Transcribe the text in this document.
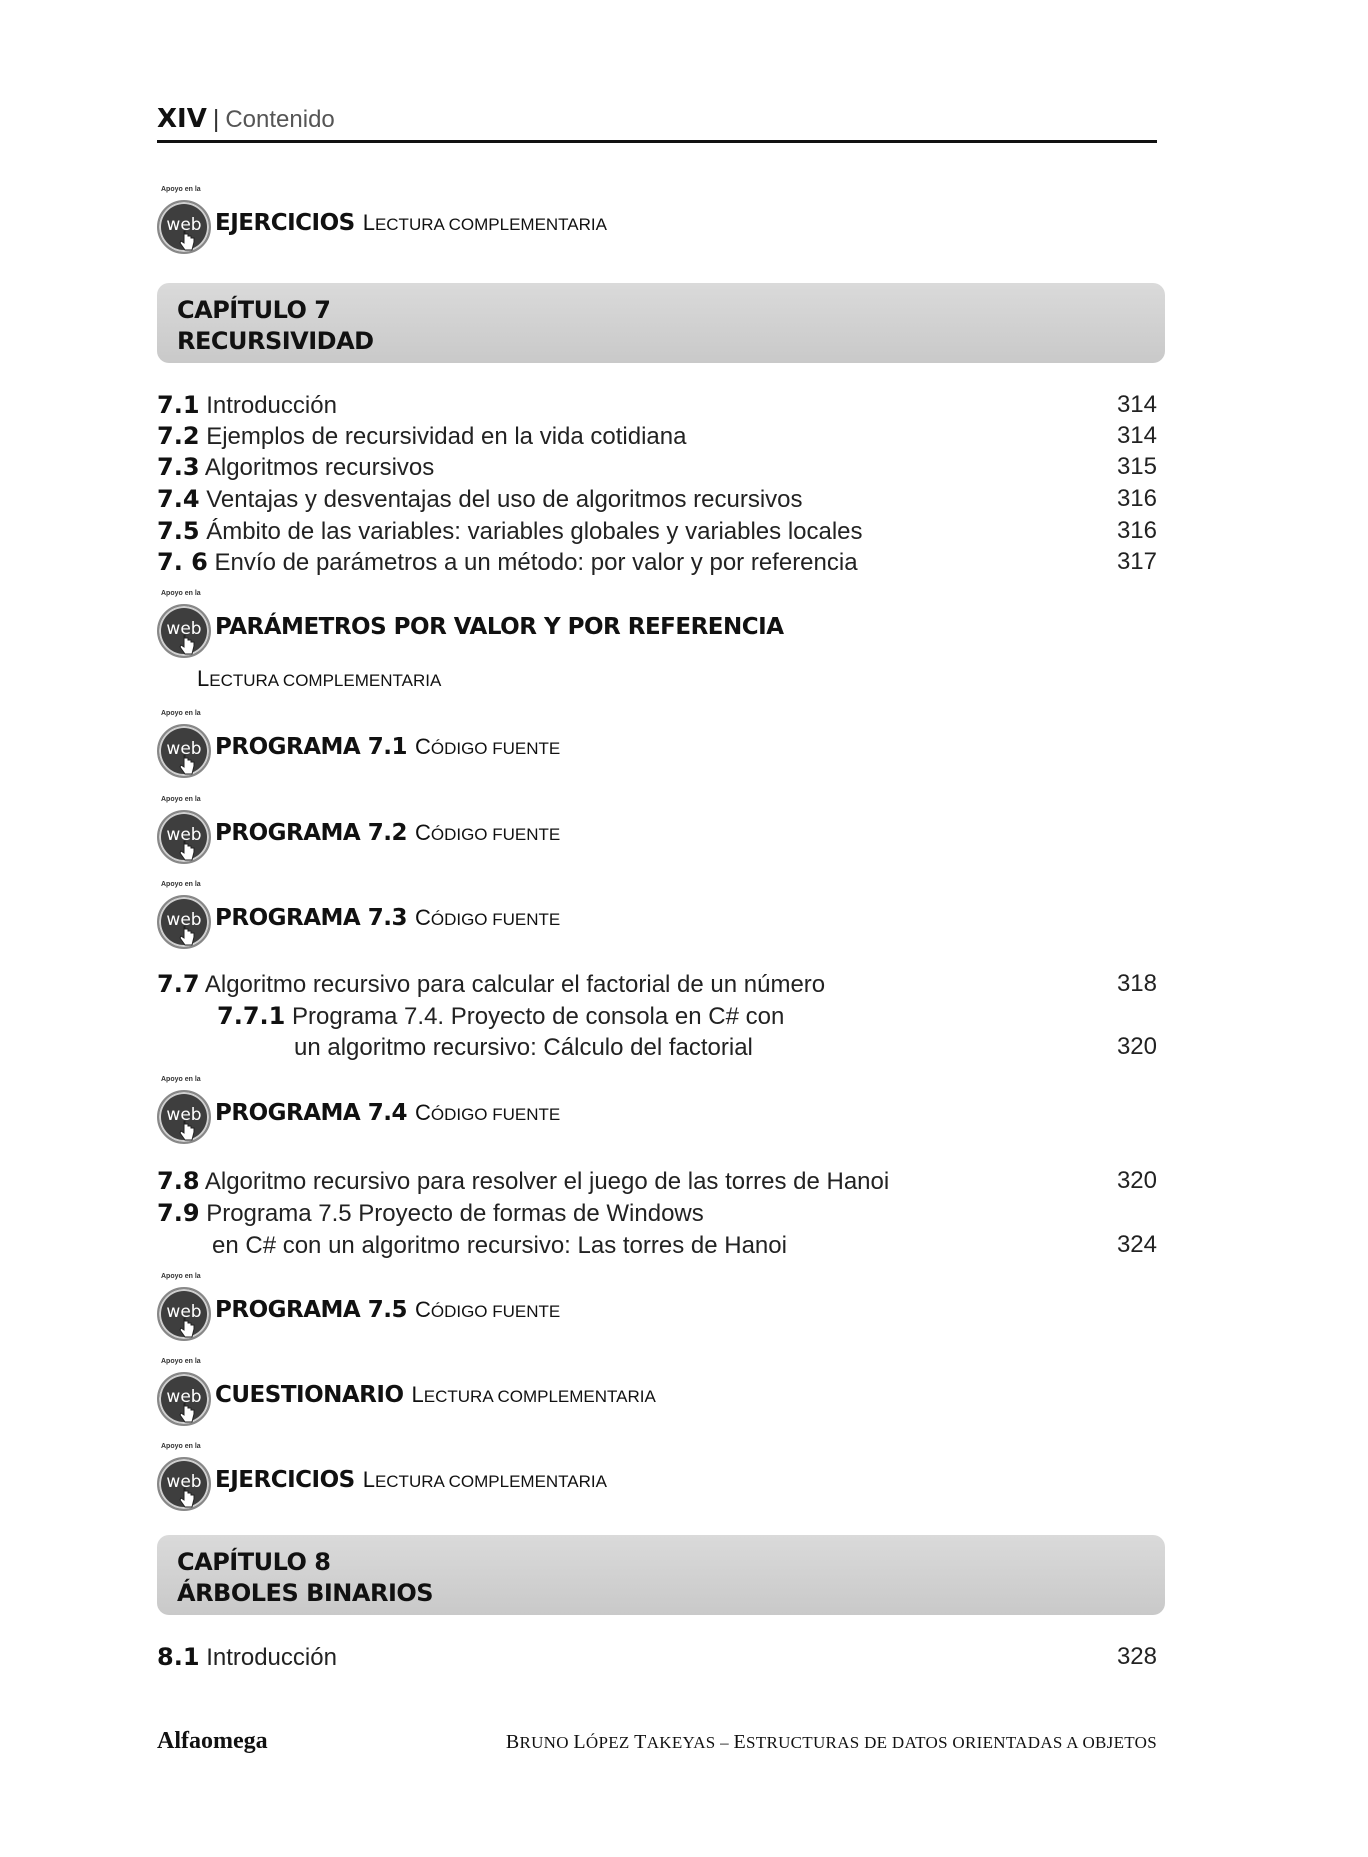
XIV | Contenido
Apoyo en la
web EJERCICIOS LECTURA COMPLEMENTARIA
CAPÍTULO 7
RECURSIVIDAD
7.1 Introducción	314
7.2 Ejemplos de recursividad en la vida cotidiana	314
7.3 Algoritmos recursivos	315
7.4 Ventajas y desventajas del uso de algoritmos recursivos	316
7.5 Ámbito de las variables: variables globales y variables locales	316
7. 6 Envío de parámetros a un método: por valor y por referencia	317
Apoyo en la
web PARÁMETROS POR VALOR Y POR REFERENCIA
LECTURA COMPLEMENTARIA
Apoyo en la
web PROGRAMA 7.1 CÓDIGO FUENTE
Apoyo en la
web PROGRAMA 7.2 CÓDIGO FUENTE
Apoyo en la
web PROGRAMA 7.3 CÓDIGO FUENTE
7.7 Algoritmo recursivo para calcular el factorial de un número	318
7.7.1 Programa 7.4. Proyecto de consola en C# con
un algoritmo recursivo: Cálculo del factorial	320
Apoyo en la
web PROGRAMA 7.4 CÓDIGO FUENTE
7.8 Algoritmo recursivo para resolver el juego de las torres de Hanoi	320
7.9 Programa 7.5 Proyecto de formas de Windows
en C# con un algoritmo recursivo: Las torres de Hanoi	324
Apoyo en la
web PROGRAMA 7.5 CÓDIGO FUENTE
Apoyo en la
web CUESTIONARIO LECTURA COMPLEMENTARIA
Apoyo en la
web EJERCICIOS LECTURA COMPLEMENTARIA
CAPÍTULO 8
ÁRBOLES BINARIOS
8.1 Introducción	328
Alfaomega	BRUNO LÓPEZ TAKEYAS – ESTRUCTURAS DE DATOS ORIENTADAS A OBJETOS
